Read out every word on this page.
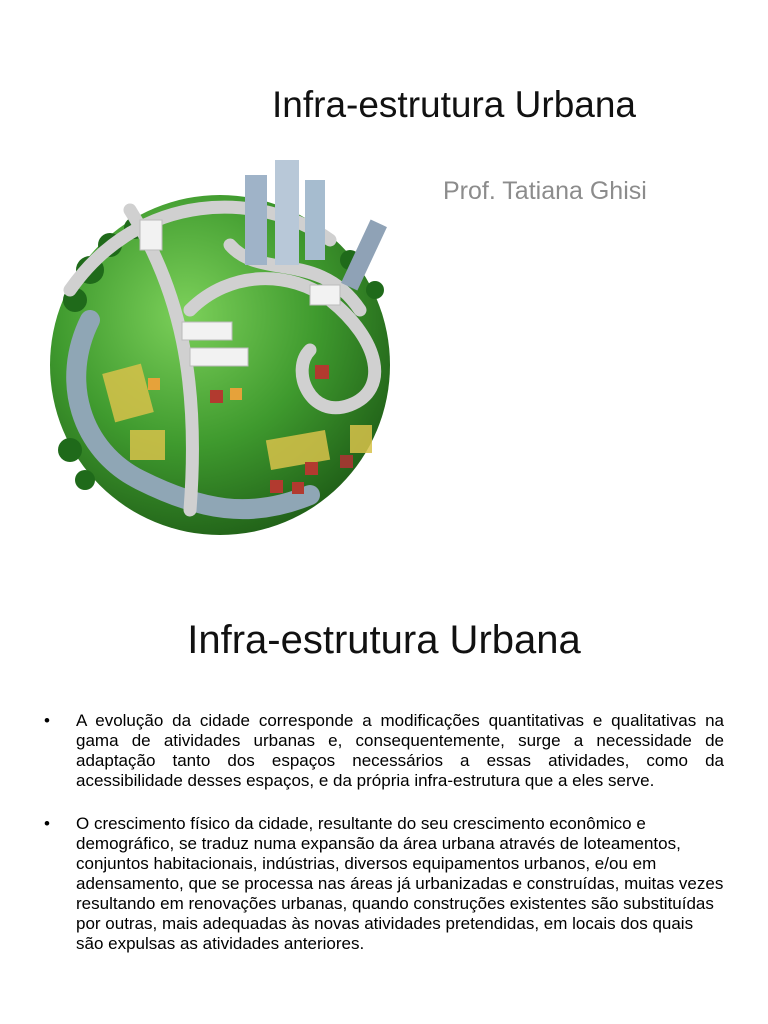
Infra-estrutura Urbana
Prof. Tatiana Ghisi
Infra-estrutura Urbana
• A evolução da cidade corresponde a modificações quantitativas e qualitativas na gama de atividades urbanas e, consequentemente, surge a necessidade de adaptação tanto dos espaços necessários a essas atividades, como da acessibilidade desses espaços, e da própria infra-estrutura que a eles serve.
• O crescimento físico da cidade, resultante do seu crescimento econômico e demográfico, se traduz numa expansão da área urbana através de loteamentos, conjuntos habitacionais, indústrias, diversos equipamentos urbanos, e/ou em adensamento, que se processa nas áreas já urbanizadas e construídas, muitas vezes resultando em renovações urbanas, quando construções existentes são substituídas por outras, mais adequadas às novas atividades pretendidas, em locais dos quais são expulsas as atividades anteriores.
